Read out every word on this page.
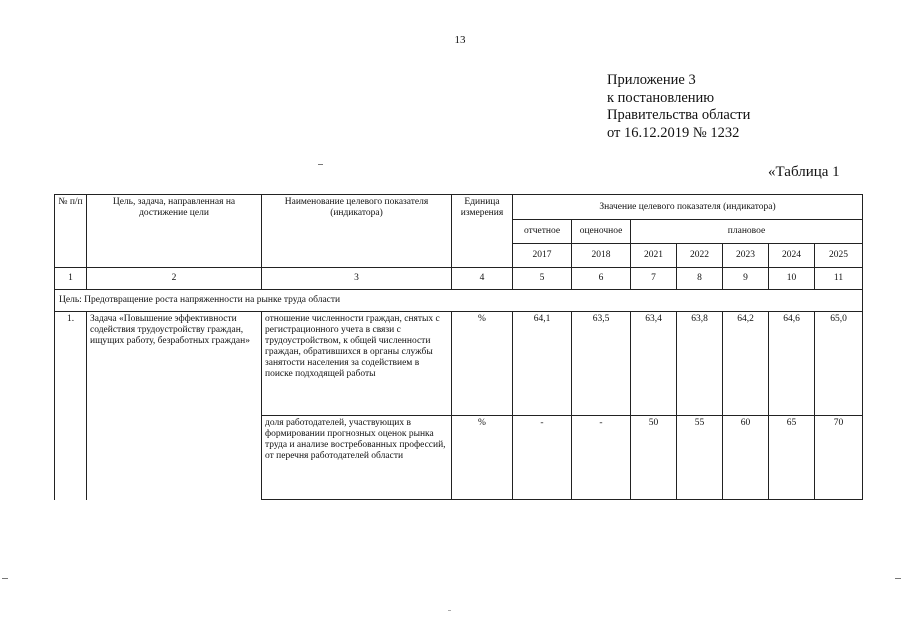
13
Приложение 3
к постановлению
Правительства области
от 16.12.2019 № 1232
«Таблица 1
№ п/п	Цель, задача, направленная на достижение цели	Наименование целевого показателя (индикатора)	Единица измерения	Значение целевого показателя (индикатора)						
				отчетное	оценочное	плановое				
				2017	2018	2021	2022	2023	2024	2025
1	2	3	4	5	6	7	8	9	10	11
Цель: Предотвращение роста напряженности на рынке труда области										
1.	Задача «Повышение эффективности содействия трудоустройству граждан, ищущих работу, безработных граждан»	отношение численности граждан, снятых с регистрационного учета в связи с трудоустройством, к общей численности граждан, обратившихся в органы службы занятости населения за содействием в поиске подходящей работы	%	64,1	63,5	63,4	63,8	64,2	64,6	65,0
		доля работодателей, участвующих в формировании прогнозных оценок рынка труда и анализе востребованных профессий, от перечня работодателей области	%	-	-	50	55	60	65	70
